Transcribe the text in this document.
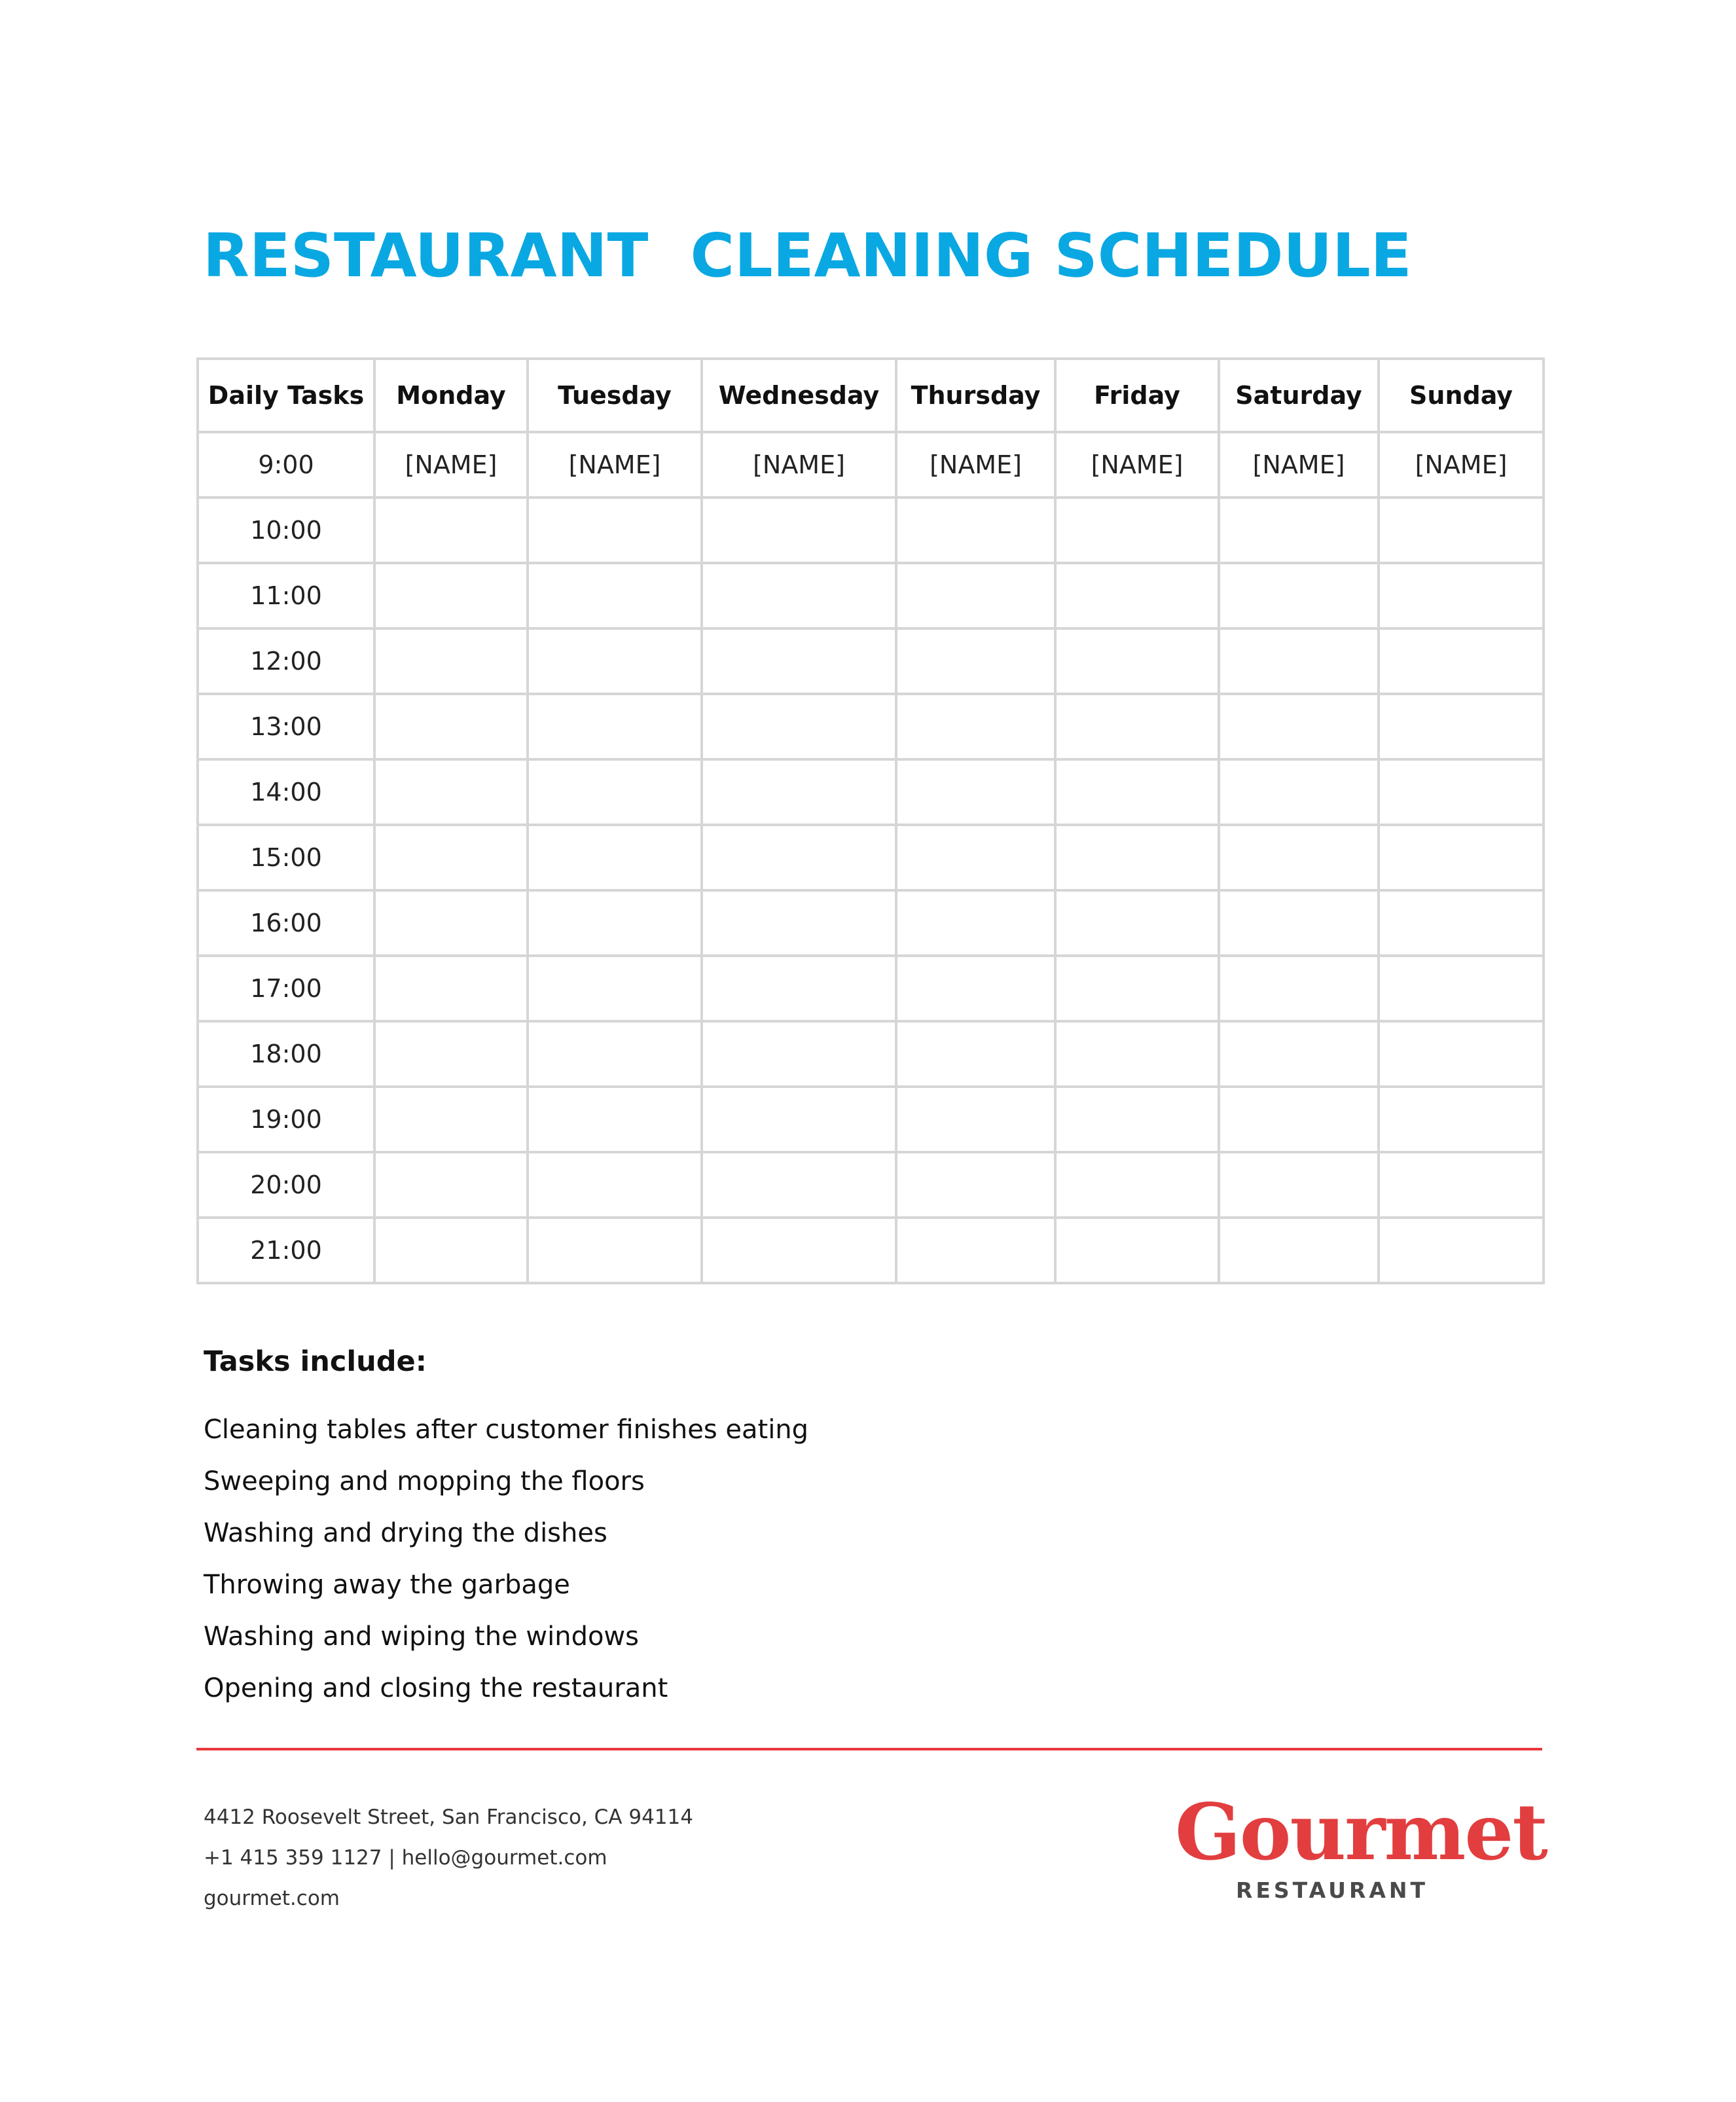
RESTAURANT  CLEANING SCHEDULE
Daily Tasks	Monday	Tuesday	Wednesday	Thursday	Friday	Saturday	Sunday
9:00	[NAME]	[NAME]	[NAME]	[NAME]	[NAME]	[NAME]	[NAME]
10:00							
11:00							
12:00							
13:00							
14:00							
15:00							
16:00							
17:00							
18:00							
19:00							
20:00							
21:00							
Tasks include:
Cleaning tables after customer finishes eating
Sweeping and mopping the floors
Washing and drying the dishes
Throwing away the garbage
Washing and wiping the windows
Opening and closing the restaurant
4412 Roosevelt Street, San Francisco, CA 94114
+1 415 359 1127 | hello@gourmet.com
gourmet.com
Gourmet
RESTAURANT
